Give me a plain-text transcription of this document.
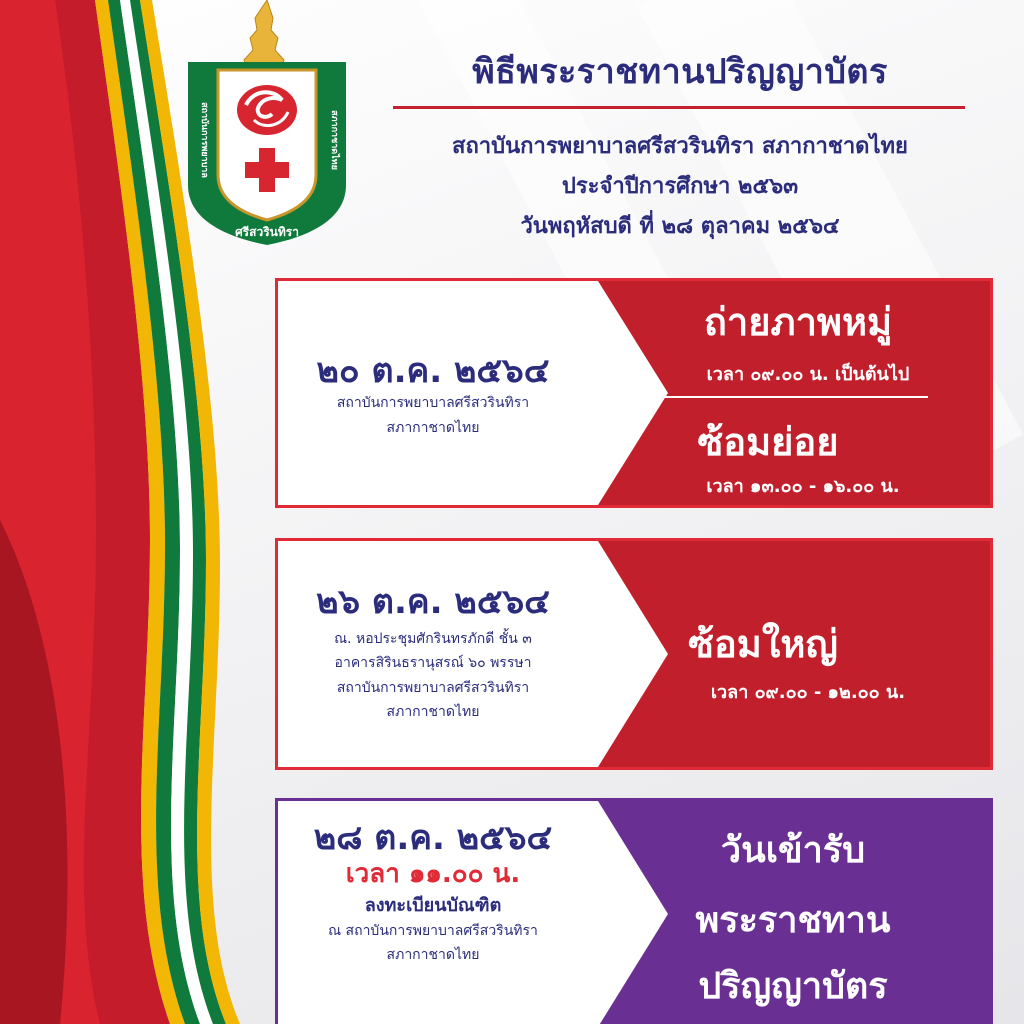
สถาบันการพยาบาล	สภากาชาดไทย
ศรีสวรินทิรา
พิธีพระราชทานปริญญาบัตร
สถาบันการพยาบาลศรีสวรินทิรา สภากาชาดไทย
ประจำปีการศึกษา ๒๕๖๓
วันพฤหัสบดี ที่ ๒๘ ตุลาคม ๒๕๖๔
๒๐ ต.ค. ๒๕๖๔
สถาบันการพยาบาลศรีสวรินทิรา
สภากาชาดไทย
ถ่ายภาพหมู่
เวลา ๐๙.๐๐ น. เป็นต้นไป
ซ้อมย่อย
เวลา ๑๓.๐๐ - ๑๖.๐๐ น.
๒๖ ต.ค. ๒๕๖๔
ณ. หอประชุมศักรินทรภักดี ชั้น ๓
อาคารสิรินธรานุสรณ์ ๖๐ พรรษา
สถาบันการพยาบาลศรีสวรินทิรา
สภากาชาดไทย
ซ้อมใหญ่
เวลา ๐๙.๐๐ - ๑๒.๐๐ น.
๒๘ ต.ค. ๒๕๖๔
เวลา ๑๑.๐๐ น.
ลงทะเบียนบัณฑิต
ณ สถาบันการพยาบาลศรีสวรินทิรา
สภากาชาดไทย
วันเข้ารับ
พระราชทาน
ปริญญาบัตร
